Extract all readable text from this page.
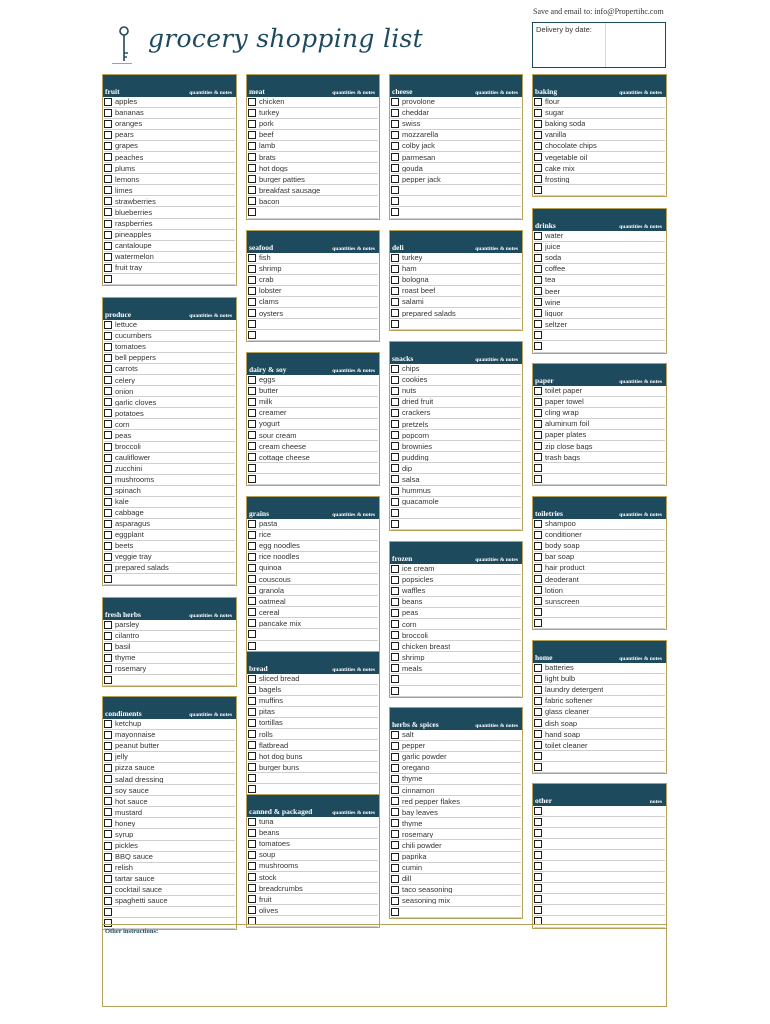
Save and email to: info@Propertihc.com
grocery shopping list	Delivery by date:
fruit	quantities & notes
apples
bananas
oranges
pears
grapes
peaches
plums
lemons
limes
strawberries
blueberries
raspberries
pineapples
cantaloupe
watermelon
fruit tray
produce	quantities & notes
lettuce
cucumbers
tomatoes
bell peppers
carrots
celery
onion
garlic cloves
potatoes
corn
peas
broccoli
cauliflower
zucchini
mushrooms
spinach
kale
cabbage
asparagus
eggplant
beets
veggie tray
prepared salads
fresh herbs	quantities & notes
parsley
cilantro
basil
thyme
rosemary
condiments	quantities & notes
ketchup
mayonnaise
peanut butter
jelly
pizza sauce
salad dressing
soy sauce
hot sauce
mustard
honey
syrup
pickles
BBQ sauce
relish
tartar sauce
cocktail sauce
spaghetti sauce
meat	quantities & notes
chicken
turkey
pork
beef
lamb
brats
hot dogs
burger patties
breakfast sausage
bacon
seafood	quantities & notes
fish
shrimp
crab
lobster
clams
oysters
dairy & soy	quantities & notes
eggs
butter
milk
creamer
yogurt
sour cream
cream cheese
cottage cheese
grains	quantities & notes
pasta
rice
egg noodles
rice noodles
quinoa
couscous
granola
oatmeal
cereal
pancake mix
bread	quantities & notes
sliced bread
bagels
muffins
pitas
tortillas
rolls
flatbread
hot dog buns
burger buns
canned & packaged	quantities & notes
tuna
beans
tomatoes
soup
mushrooms
stock
breadcrumbs
fruit
olives
cheese	quantities & notes
provolone
cheddar
swiss
mozzarella
colby jack
parmesan
gouda
pepper jack
deli	quantities & notes
turkey
ham
bologna
roast beef
salami
prepared salads
snacks	quantities & notes
chips
cookies
nuts
dried fruit
crackers
pretzels
popcorn
brownies
pudding
dip
salsa
hummus
guacamole
frozen	quantities & notes
ice cream
popsicles
waffles
beans
peas
corn
broccoli
chicken breast
shrimp
meals
herbs & spices	quantities & notes
salt
pepper
garlic powder
oregano
thyme
cinnamon
red pepper flakes
bay leaves
thyme
rosemary
chili powder
paprika
cumin
dill
taco seasoning
seasoning mix
baking	quantities & notes
flour
sugar
baking soda
vanilla
chocolate chips
vegetable oil
cake mix
frosting
drinks	quantities & notes
water
juice
soda
coffee
tea
beer
wine
liquor
seltzer
paper	quantities & notes
toilet paper
paper towel
cling wrap
aluminum foil
paper plates
zip close bags
trash bags
toiletries	quantities & notes
shampoo
conditioner
body soap
bar soap
hair product
deoderant
lotion
sunscreen
home	quantities & notes
batteries
light bulb
laundry detergent
fabric softener
glass cleaner
dish soap
hand soap
toilet cleaner
other	notes
Other instructions:
